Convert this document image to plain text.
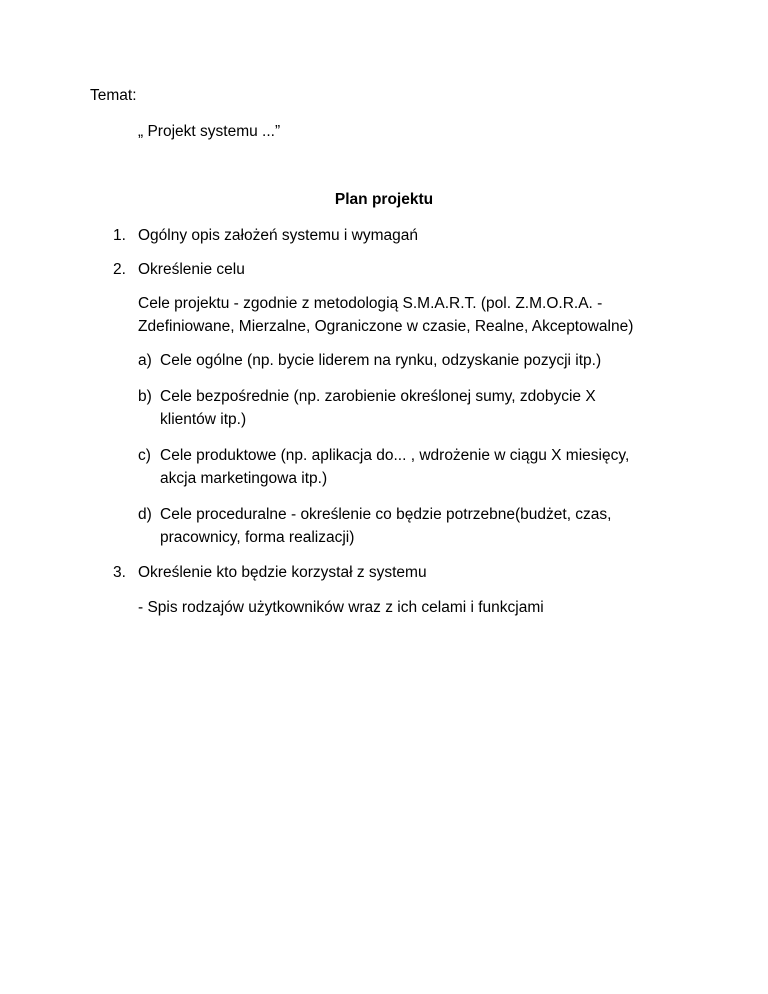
Temat:
„ Projekt systemu ...”
Plan projektu
1. Ogólny opis założeń systemu i wymagań
2. Określenie celu
Cele projektu - zgodnie z metodologią S.M.A.R.T. (pol. Z.M.O.R.A. -
Zdefiniowane, Mierzalne, Ograniczone w czasie, Realne, Akceptowalne)
a) Cele ogólne (np. bycie liderem na rynku, odzyskanie pozycji itp.)
b) Cele bezpośrednie (np. zarobienie określonej sumy, zdobycie X
klientów itp.)
c) Cele produktowe (np. aplikacja do... , wdrożenie w ciągu X miesięcy,
akcja marketingowa itp.)
d) Cele proceduralne - określenie co będzie potrzebne(budżet, czas,
pracownicy, forma realizacji)
3. Określenie kto będzie korzystał z systemu
- Spis rodzajów użytkowników wraz z ich celami i funkcjami
